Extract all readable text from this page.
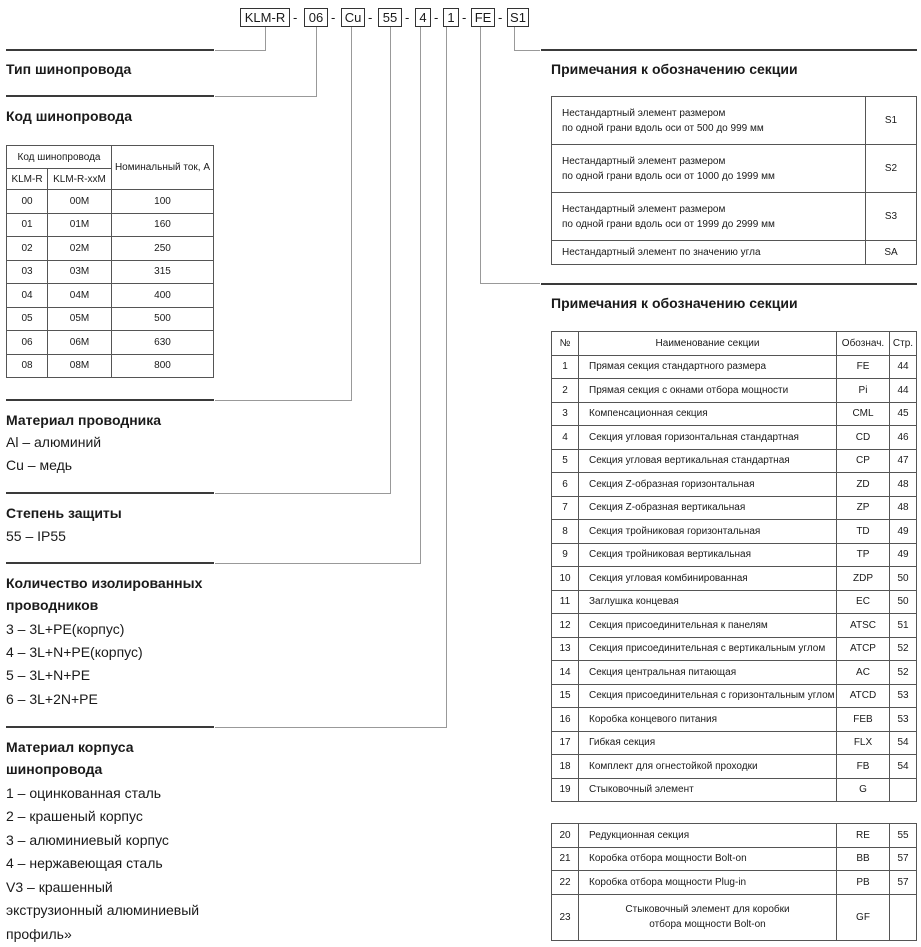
KLM-R - 06 - Cu - 55 - 4 - 1 - FE - S1
Тип шинопровода
Код шинопровода
Код шинопровода		Номинальный ток, А
KLM-R	KLM-R-xxM	
00	00M	100
01	01M	160
02	02M	250
03	03M	315
04	04M	400
05	05M	500
06	06M	630
08	08M	800
Материал проводника
Al – алюминий
Cu – медь
Степень защиты
55 – IP55
Количество изолированных
проводников
3 – 3L+PE(корпус)
4 – 3L+N+PE(корпус)
5 – 3L+N+PE
6 – 3L+2N+PE
Материал корпуса
шинопровода
1 – оцинкованная сталь
2 – крашеный корпус
3 – алюминиевый корпус
4 – нержавеющая сталь
V3 – крашенный
экструзионный алюминиевый
профиль»
Примечания к обозначению секции
Нестандартный элемент размером
по одной грани вдоль оси от 500 до 999 мм	S1
Нестандартный элемент размером
по одной грани вдоль оси от 1000 до 1999 мм	S2
Нестандартный элемент размером
по одной грани вдоль оси от 1999 до 2999 мм	S3
Нестандартный элемент по значению угла	SA
Примечания к обозначению секции
№	Наименование секции	Обознач.	Стр.
1	Прямая секция стандартного размера	FE	44
2	Прямая секция с окнами отбора мощности	Pi	44
3	Компенсационная секция	CML	45
4	Секция угловая горизонтальная стандартная	CD	46
5	Секция угловая вертикальная стандартная	CP	47
6	Секция Z-образная горизонтальная	ZD	48
7	Секция Z-образная вертикальная	ZP	48
8	Секция тройниковая горизонтальная	TD	49
9	Секция тройниковая вертикальная	TP	49
10	Секция угловая комбинированная	ZDP	50
11	Заглушка концевая	EC	50
12	Секция присоединительная к панелям	ATSC	51
13	Секция присоединительная с вертикальным углом	ATCP	52
14	Секция центральная питающая	AC	52
15	Секция присоединительная с горизонтальным углом	ATCD	53
16	Коробка концевого питания	FEB	53
17	Гибкая секция	FLX	54
18	Комплект для огнестойкой проходки	FB	54
19	Стыковочный элемент	G	
20	Редукционная секция	RE	55
21	Коробка отбора мощности Bolt-on	BB	57
22	Коробка отбора мощности Plug-in	PB	57
23	Стыковочный элемент для коробки
отбора мощности Bolt-on	GF	
